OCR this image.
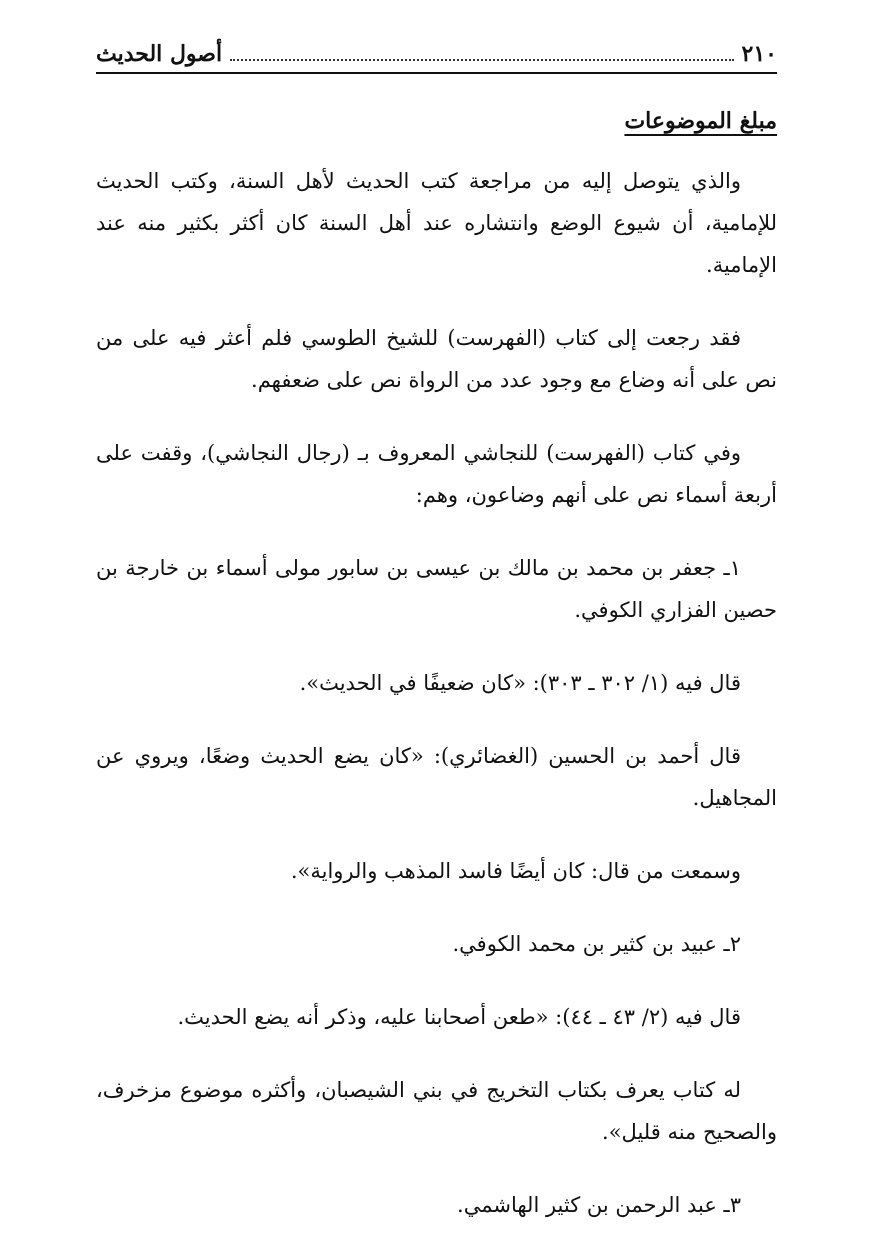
٢١٠
أصول الحديث
مبلغ الموضوعات

والذي يتوصل إليه من مراجعة كتب الحديث لأهل السنة، وكتب الحديث للإمامية، أن شيوع الوضع وانتشاره عند أهل السنة كان أكثر بكثير منه عند الإمامية.

فقد رجعت إلى كتاب (الفهرست) للشيخ الطوسي فلم أعثر فيه على من نص على أنه وضاع مع وجود عدد من الرواة نص على ضعفهم.

وفي كتاب (الفهرست) للنجاشي المعروف بـ (رجال النجاشي)، وقفت على أربعة أسماء نص على أنهم وضاعون، وهم:

١ـ جعفر بن محمد بن مالك بن عيسى بن سابور مولى أسماء بن خارجة بن حصين الفزاري الكوفي.

قال فيه (١/ ٣٠٢ ـ ٣٠٣): «كان ضعيفًا في الحديث».

قال أحمد بن الحسين (الغضائري): «كان يضع الحديث وضعًا، ويروي عن المجاهيل.

وسمعت من قال: كان أيضًا فاسد المذهب والرواية».

٢ـ عبيد بن كثير بن محمد الكوفي.

قال فيه (٢/ ٤٣ ـ ٤٤): «طعن أصحابنا عليه، وذكر أنه يضع الحديث.

له كتاب يعرف بكتاب التخريج في بني الشيصبان، وأكثره موضوع مزخرف، والصحيح منه قليل».

٣ـ عبد الرحمن بن كثير الهاشمي.
